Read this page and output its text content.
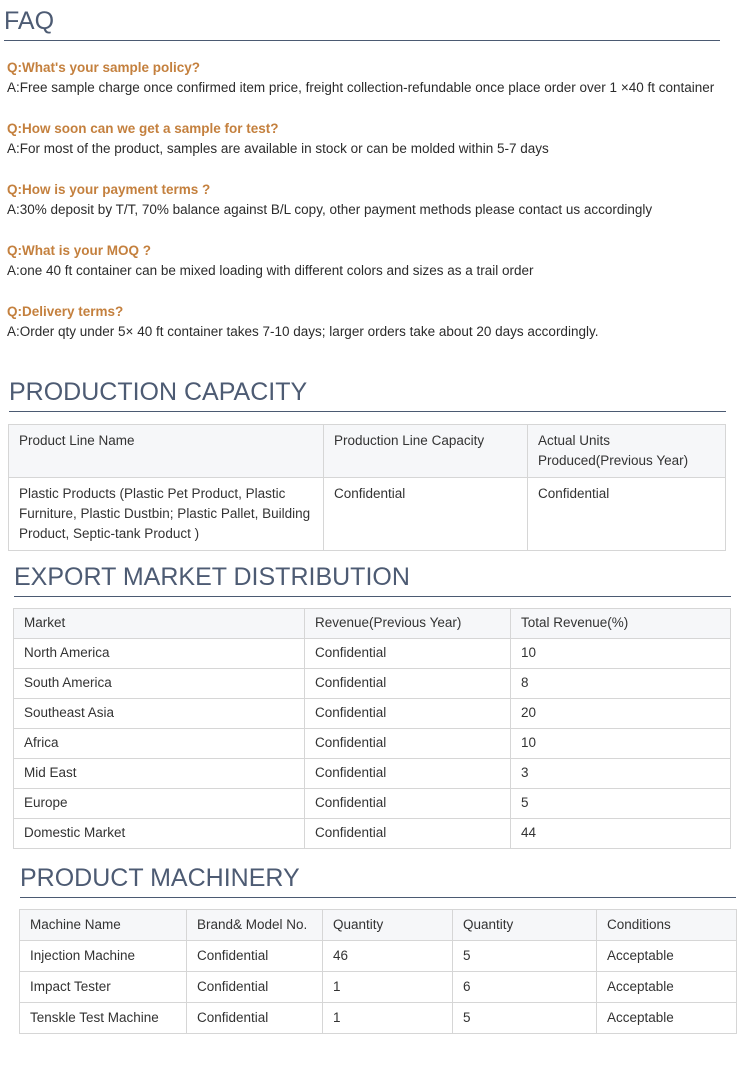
FAQ
Q:What's your sample policy?
A:Free sample charge once confirmed item price, freight collection-refundable once place order over 1 ×40 ft container
Q:How soon can we get a sample for test?
A:For most of the product, samples are available in stock or can be molded within 5-7 days
Q:How is your payment terms ?
A:30% deposit by T/T, 70% balance against B/L copy, other payment methods please contact us accordingly
Q:What is your MOQ ?
A:one 40 ft container can be mixed loading with different colors and sizes as a trail order
Q:Delivery terms?
A:Order qty under 5× 40 ft container takes 7-10 days; larger orders take about 20 days accordingly.
PRODUCTION CAPACITY
Product Line Name	Production Line Capacity	Actual Units Produced(Previous Year)
Plastic Products (Plastic Pet Product, Plastic Furniture, Plastic Dustbin; Plastic Pallet, Building Product, Septic-tank Product )	Confidential	Confidential
EXPORT MARKET DISTRIBUTION
Market	Revenue(Previous Year)	Total Revenue(%)
North America	Confidential	10
South America	Confidential	8
Southeast Asia	Confidential	20
Africa	Confidential	10
Mid East	Confidential	3
Europe	Confidential	5
Domestic Market	Confidential	44
PRODUCT MACHINERY
Machine Name	Brand& Model No.	Quantity	Quantity	Conditions
Injection Machine	Confidential	46	5	Acceptable
Impact Tester	Confidential	1	6	Acceptable
Tenskle Test Machine	Confidential	1	5	Acceptable
